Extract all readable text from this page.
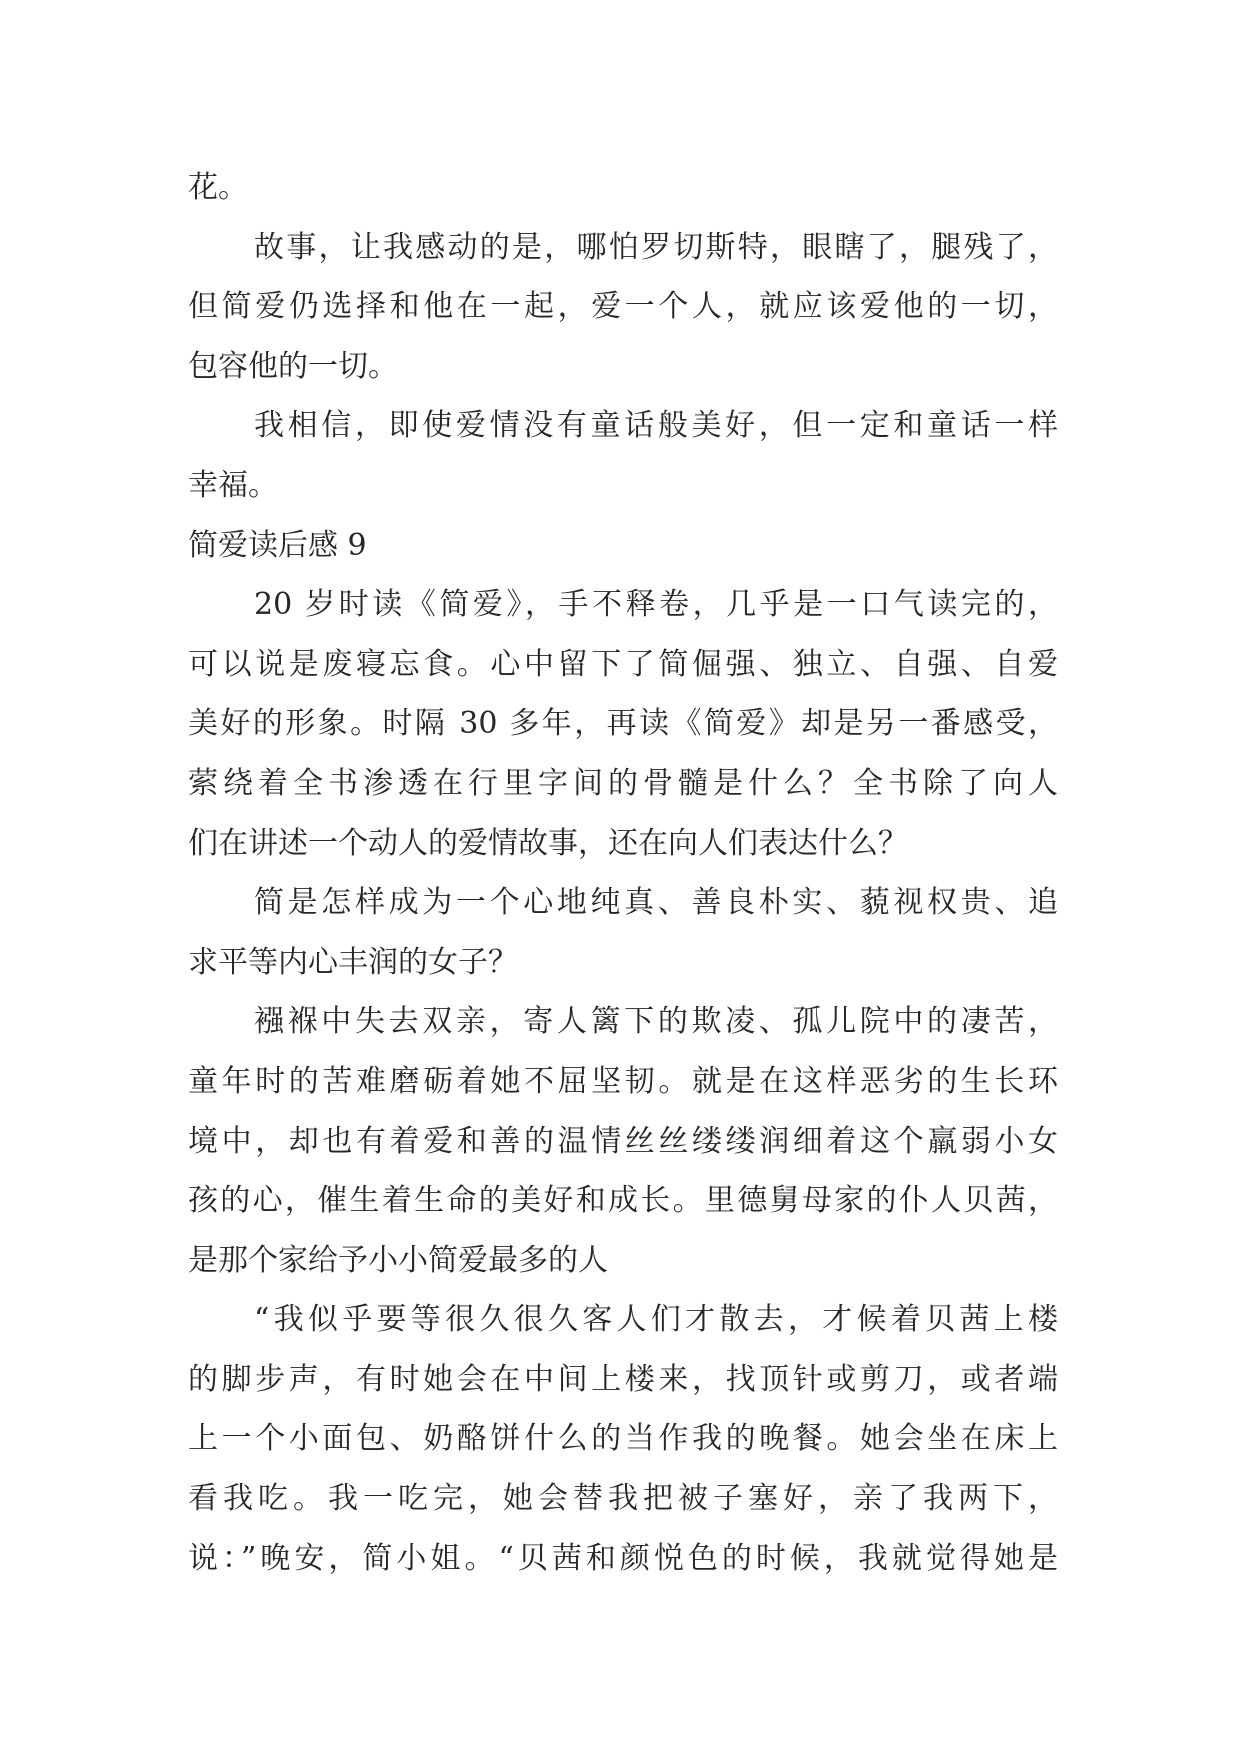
花。
故事，让我感动的是，哪怕罗切斯特，眼瞎了，腿残了，
但简爱仍选择和他在一起，爱一个人，就应该爱他的一切，
包容他的一切。
我相信，即使爱情没有童话般美好，但一定和童话一样
幸福。
简爱读后感 9
20 岁时读《简爱》，手不释卷，几乎是一口气读完的，
可以说是废寝忘食。心中留下了简倔强、独立、自强、自爱
美好的形象。时隔 30 多年，再读《简爱》却是另一番感受，
萦绕着全书渗透在行里字间的骨髓是什么？全书除了向人
们在讲述一个动人的爱情故事，还在向人们表达什么？
简是怎样成为一个心地纯真、善良朴实、藐视权贵、追
求平等内心丰润的女子？
襁褓中失去双亲，寄人篱下的欺凌、孤儿院中的凄苦，
童年时的苦难磨砺着她不屈坚韧。就是在这样恶劣的生长环
境中，却也有着爱和善的温情丝丝缕缕润细着这个羸弱小女
孩的心，催生着生命的美好和成长。里德舅母家的仆人贝茜，
是那个家给予小小简爱最多的人
“我似乎要等很久很久客人们才散去，才候着贝茜上楼
的脚步声，有时她会在中间上楼来，找顶针或剪刀，或者端
上一个小面包、奶酪饼什么的当作我的晚餐。她会坐在床上
看我吃。我一吃完，她会替我把被子塞好，亲了我两下，
说：”晚安，简小姐。“贝茜和颜悦色的时候，我就觉得她是
